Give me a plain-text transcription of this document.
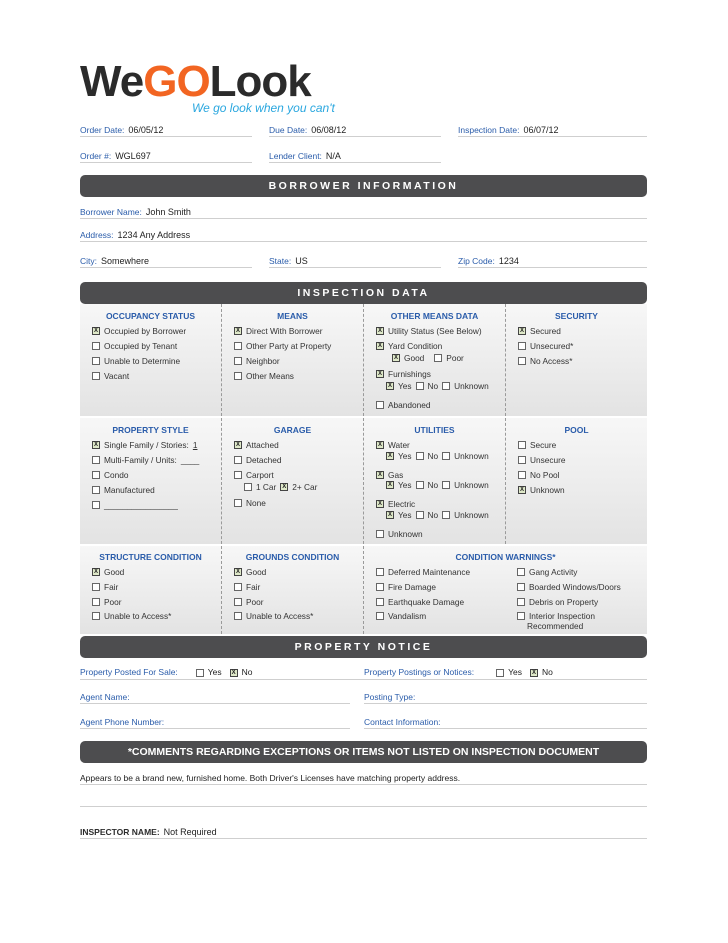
WeGOLook
We go look when you can't
Order Date: 06/05/12	Due Date: 06/08/12	Inspection Date: 06/07/12
Order #: WGL697	Lender Client: N/A
BORROWER INFORMATION
Borrower Name: John Smith
Address: 1234 Any Address
City: Somewhere	State: US	Zip Code: 1234
INSPECTION DATA
OCCUPANCY STATUS
X Occupied by Borrower
Occupied by Tenant
Unable to Determine
Vacant
MEANS
X Direct With Borrower
Other Party at Property
Neighbor
Other Means
OTHER MEANS DATA
X Utility Status (See Below)
X Yard Condition
X Good	Poor
X Furnishings
X Yes No Unknown
Abandoned
SECURITY
X Secured
Unsecured*
No Access*
PROPERTY STYLE
X Single Family / Stories: 1
Multi-Family / Units: ____
Condo
Manufactured
________________
GARAGE
X Attached
Detached
Carport
1 Car X 2+ Car
None
UTILITIES
X Water
X Yes No Unknown
X Gas
X Yes No Unknown
X Electric
X Yes No Unknown
Unknown
POOL
Secure
Unsecure
No Pool
X Unknown
STRUCTURE CONDITION
X Good
Fair
Poor
Unable to Access*
GROUNDS CONDITION
X Good
Fair
Poor
Unable to Access*
CONDITION WARNINGS*
Deferred Maintenance
Fire Damage
Earthquake Damage
Vandalism
Gang Activity
Boarded Windows/Doors
Debris on Property
Interior Inspection
Recommended
PROPERTY NOTICE
Property Posted For Sale:	Yes	X No	Property Postings or Notices:	Yes	X No
Agent Name:	Posting Type:
Agent Phone Number:	Contact Information:
*COMMENTS REGARDING EXCEPTIONS OR ITEMS NOT LISTED ON INSPECTION DOCUMENT
Appears to be a brand new, furnished home. Both Driver's Licenses have matching property address.
INSPECTOR NAME: Not Required
